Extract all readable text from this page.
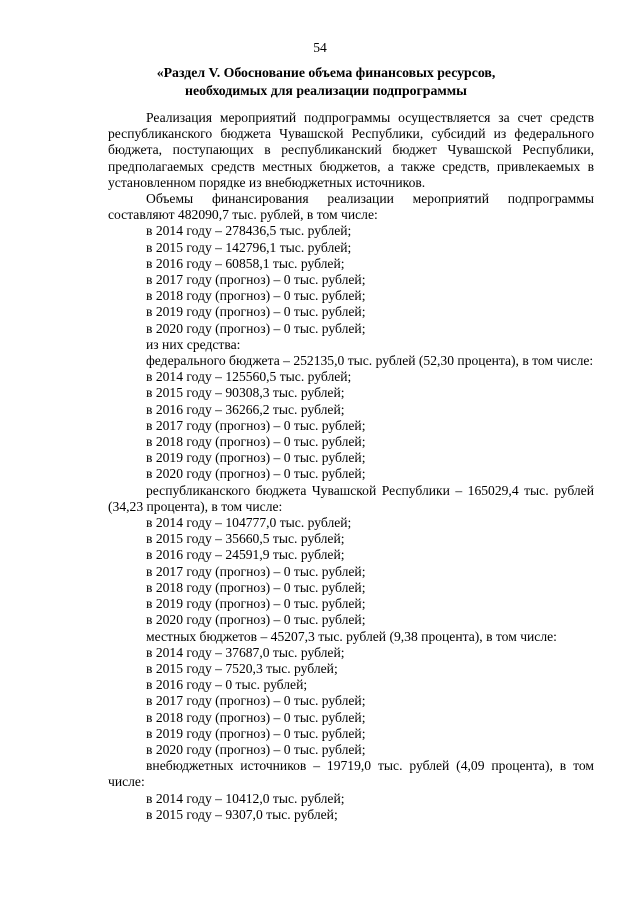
54
«Раздел V. Обоснование объема финансовых ресурсов,
необходимых для реализации подпрограммы

Реализация мероприятий подпрограммы осуществляется за счет средств республиканского бюджета Чувашской Республики, субсидий из федерального бюджета, поступающих в республиканский бюджет Чувашской Республики, предполагаемых средств местных бюджетов, а также средств, привлекаемых в установленном порядке из внебюджетных источников.

Объемы финансирования реализации мероприятий подпрограммы составляют 482090,7 тыс. рублей, в том числе:

в 2014 году – 278436,5 тыс. рублей;

в 2015 году – 142796,1 тыс. рублей;

в 2016 году – 60858,1 тыс. рублей;

в 2017 году (прогноз) – 0 тыс. рублей;

в 2018 году (прогноз) – 0 тыс. рублей;

в 2019 году (прогноз) – 0 тыс. рублей;

в 2020 году (прогноз) – 0 тыс. рублей;

из них средства:

федерального бюджета – 252135,0 тыс. рублей (52,30 процента), в том числе:

в 2014 году – 125560,5 тыс. рублей;

в 2015 году – 90308,3 тыс. рублей;

в 2016 году – 36266,2 тыс. рублей;

в 2017 году (прогноз) – 0 тыс. рублей;

в 2018 году (прогноз) – 0 тыс. рублей;

в 2019 году (прогноз) – 0 тыс. рублей;

в 2020 году (прогноз) – 0 тыс. рублей;

республиканского бюджета Чувашской Республики – 165029,4 тыс. рублей (34,23 процента), в том числе:

в 2014 году – 104777,0 тыс. рублей;

в 2015 году – 35660,5 тыс. рублей;

в 2016 году – 24591,9 тыс. рублей;

в 2017 году (прогноз) – 0 тыс. рублей;

в 2018 году (прогноз) – 0 тыс. рублей;

в 2019 году (прогноз) – 0 тыс. рублей;

в 2020 году (прогноз) – 0 тыс. рублей;

местных бюджетов – 45207,3 тыс. рублей (9,38 процента), в том числе:

в 2014 году – 37687,0 тыс. рублей;

в 2015 году – 7520,3 тыс. рублей;

в 2016 году – 0 тыс. рублей;

в 2017 году (прогноз) – 0 тыс. рублей;

в 2018 году (прогноз) – 0 тыс. рублей;

в 2019 году (прогноз) – 0 тыс. рублей;

в 2020 году (прогноз) – 0 тыс. рублей;

внебюджетных источников – 19719,0 тыс. рублей (4,09 процента), в том числе:

в 2014 году – 10412,0 тыс. рублей;

в 2015 году – 9307,0 тыс. рублей;
